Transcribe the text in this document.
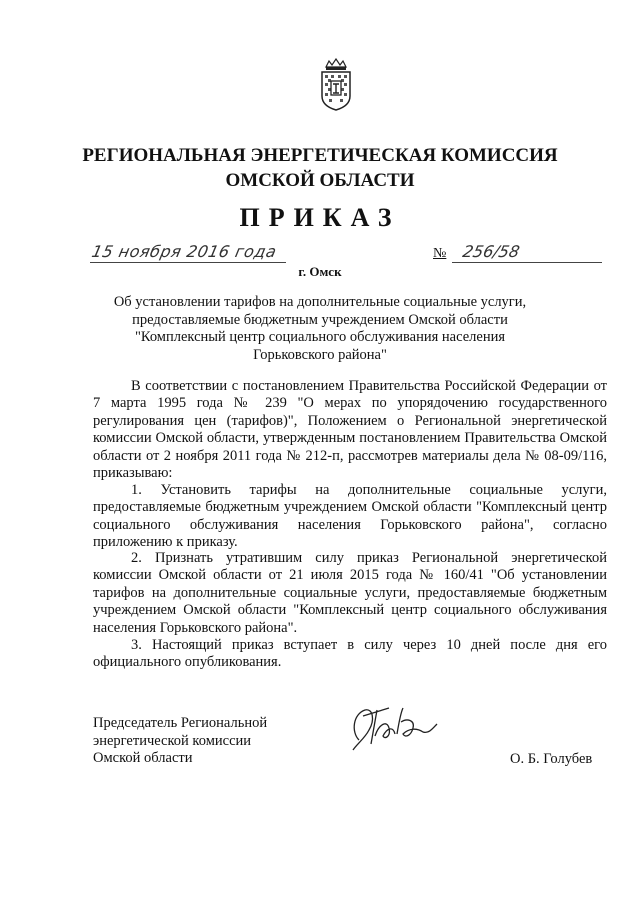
РЕГИОНАЛЬНАЯ ЭНЕРГЕТИЧЕСКАЯ КОМИССИЯ
ОМСКОЙ ОБЛАСТИ
ПРИКАЗ
15 ноября 2016 года	№ 256/58
г. Омск
Об установлении тарифов на дополнительные социальные услуги,
предоставляемые бюджетным учреждением Омской области
"Комплексный центр социального обслуживания населения
Горьковского района"
В соответствии с постановлением Правительства Российской Федерации от 7 марта 1995 года № 239 "О мерах по упорядочению государственного регулирования цен (тарифов)", Положением о Региональной энергетической комиссии Омской области, утвержденным постановлением Правительства Омской области от 2 ноября 2011 года № 212-п, рассмотрев материалы дела № 08-09/116, приказываю:
1. Установить тарифы на дополнительные социальные услуги, предоставляемые бюджетным учреждением Омской области "Комплексный центр социального обслуживания населения Горьковского района", согласно приложению к приказу.
2. Признать утратившим силу приказ Региональной энергетической комиссии Омской области от 21 июля 2015 года № 160/41 "Об установлении тарифов на дополнительные социальные услуги, предоставляемые бюджетным учреждением Омской области "Комплексный центр социального обслуживания населения Горьковского района".
3. Настоящий приказ вступает в силу через 10 дней после дня его официального опубликования.
Председатель Региональной
энергетической комиссии
Омской области	О. Б. Голубев
